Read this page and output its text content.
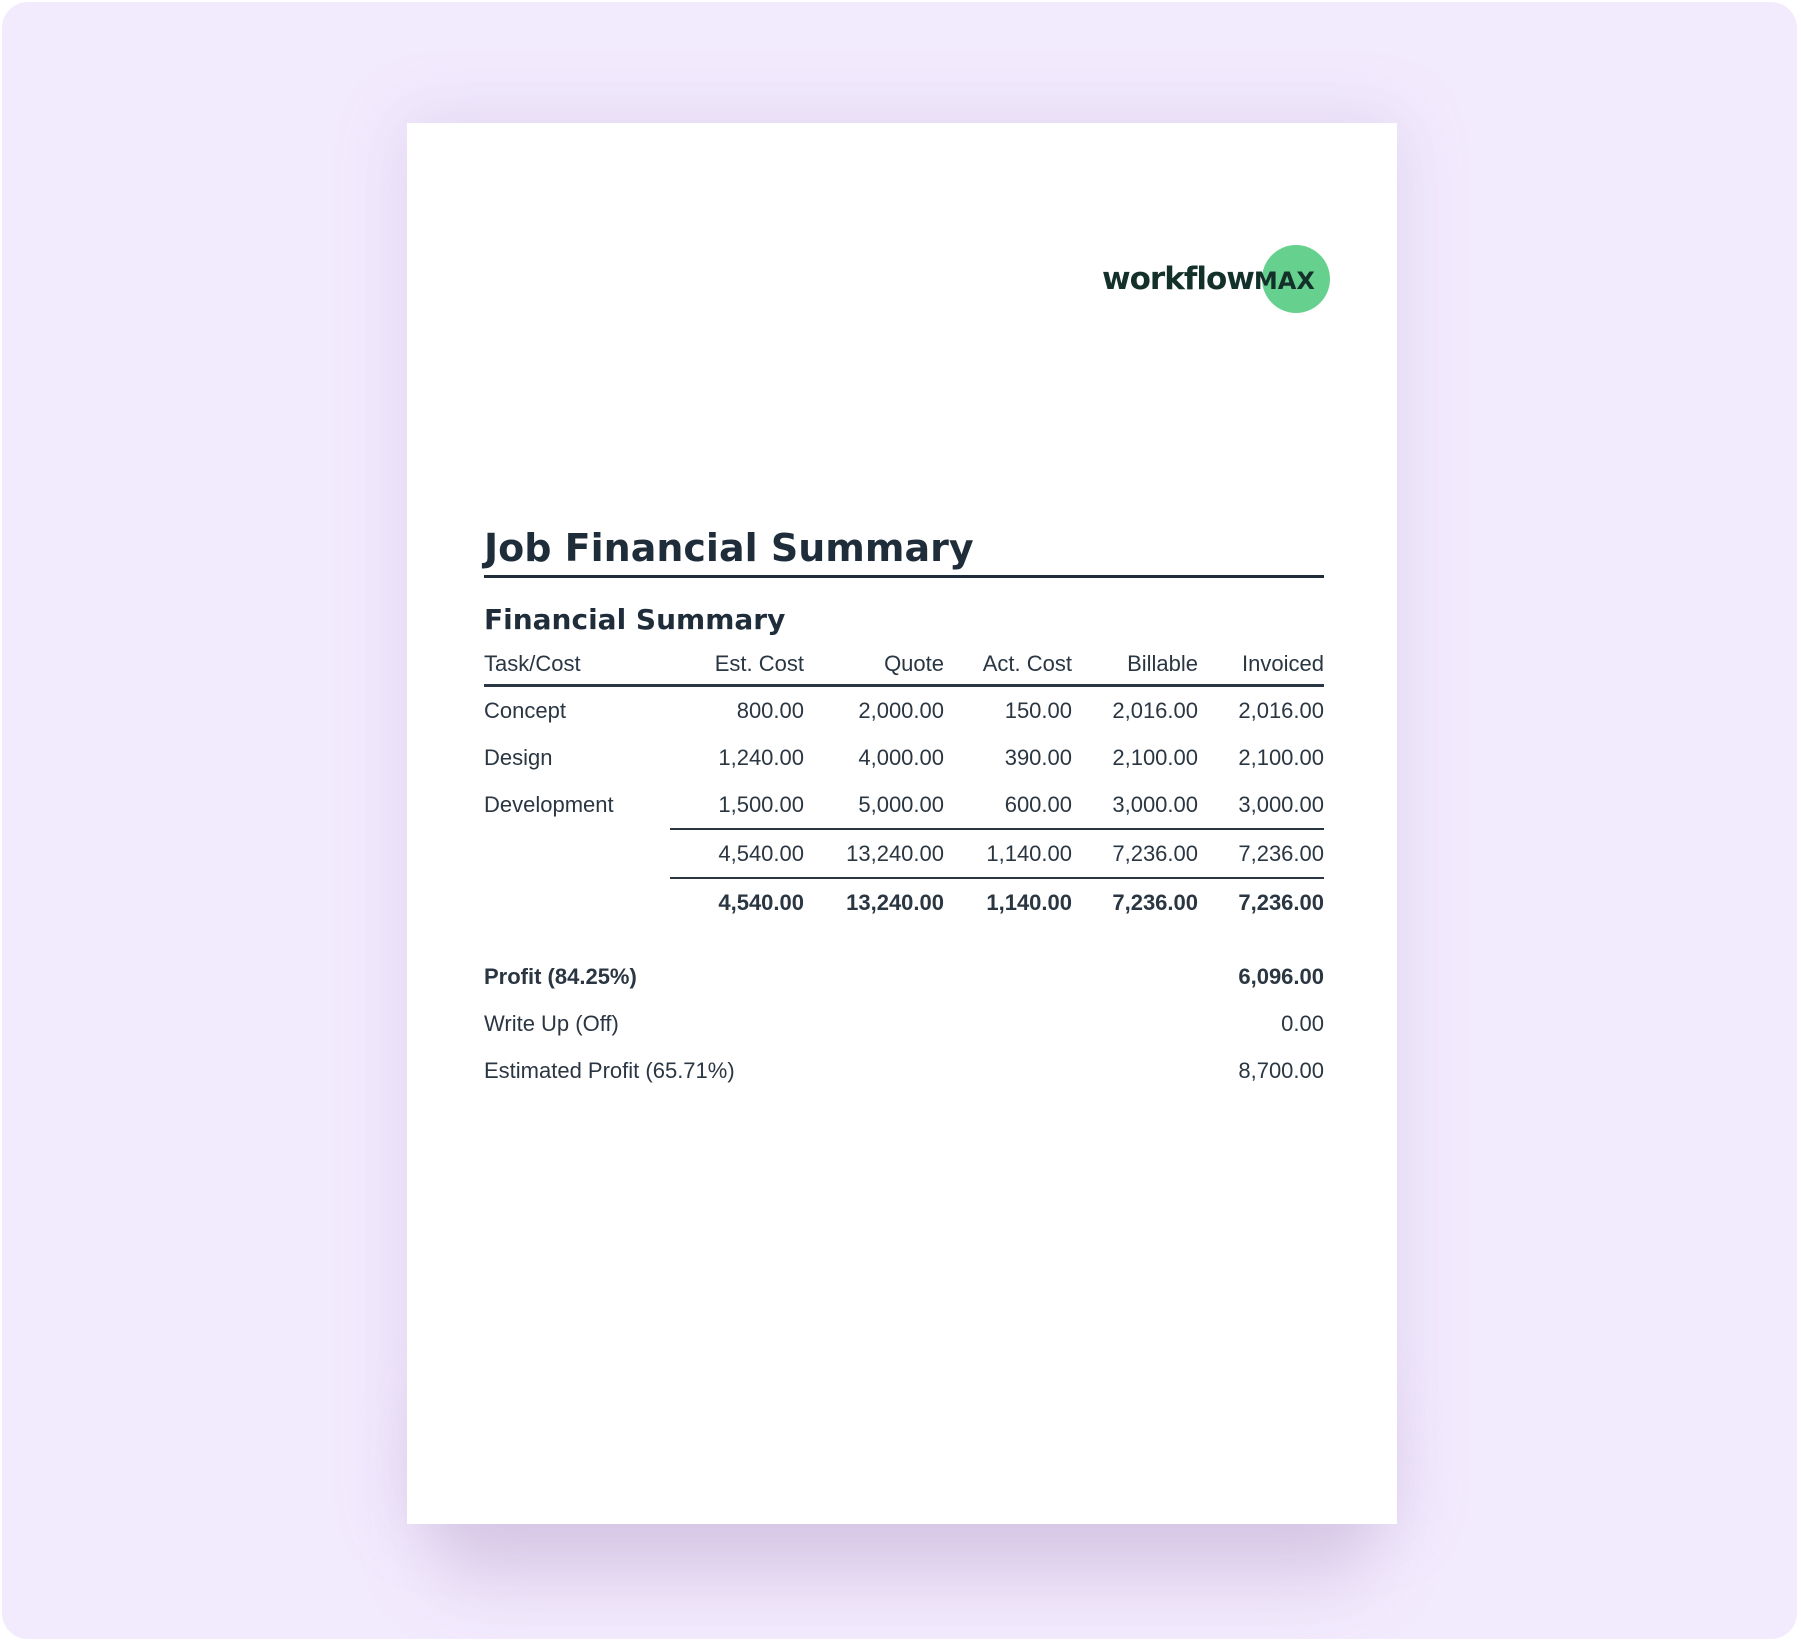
workflowMAX
Job Financial Summary
Financial Summary
Task/Cost	Est. Cost	Quote	Act. Cost	Billable	Invoiced
Concept	800.00	2,000.00	150.00	2,016.00	2,016.00
Design	1,240.00	4,000.00	390.00	2,100.00	2,100.00
Development	1,500.00	5,000.00	600.00	3,000.00	3,000.00
	4,540.00	13,240.00	1,140.00	7,236.00	7,236.00
	4,540.00	13,240.00	1,140.00	7,236.00	7,236.00
Profit (84.25%)	6,096.00
Write Up (Off)	0.00
Estimated Profit (65.71%)	8,700.00
